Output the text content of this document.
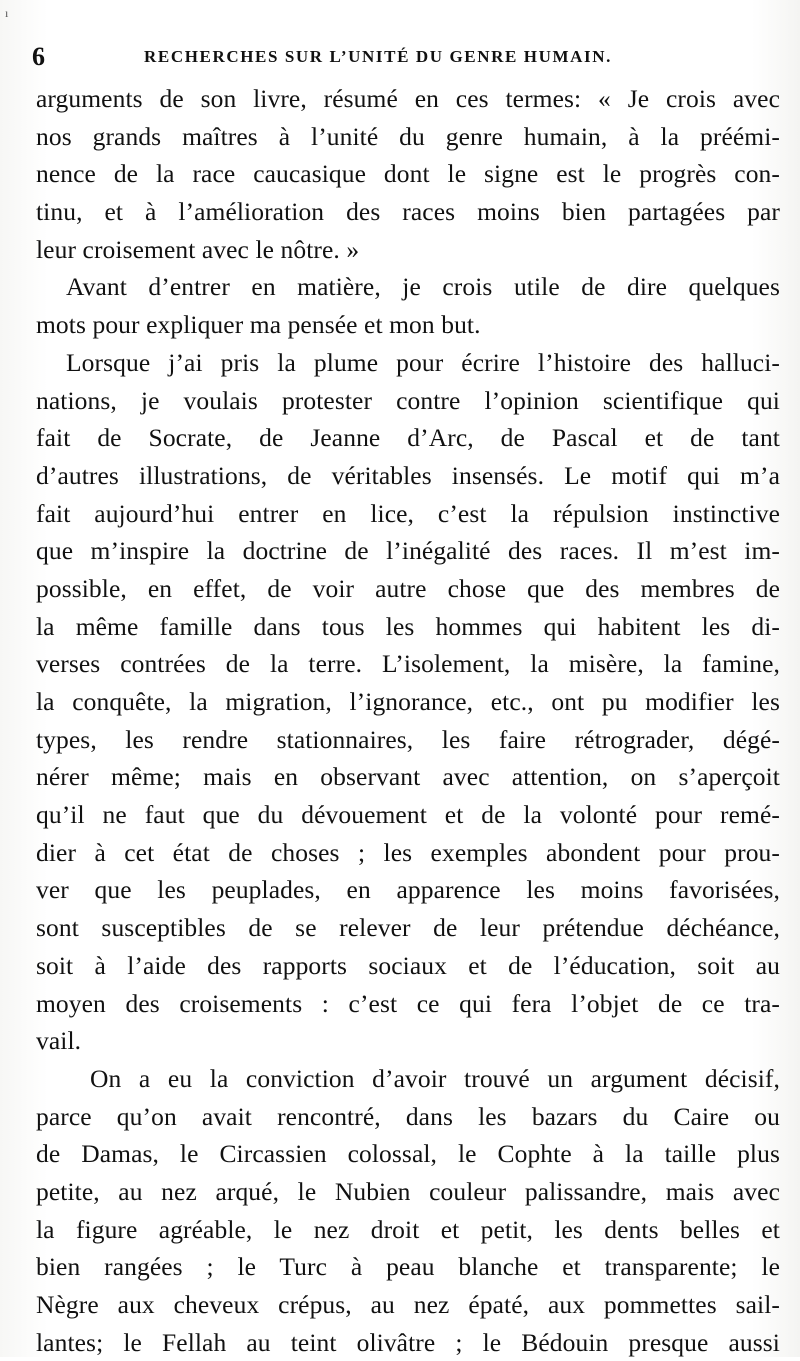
ı
6	RECHERCHES SUR L’UNITÉ DU GENRE HUMAIN.
arguments de son livre, résumé en ces termes: « Je crois avec
nos grands maîtres à l’unité du genre humain, à la préémi-
nence de la race caucasique dont le signe est le progrès con-
tinu, et à l’amélioration des races moins bien partagées par
leur croisement avec le nôtre. »
Avant d’entrer en matière, je crois utile de dire quelques
mots pour expliquer ma pensée et mon but.
Lorsque j’ai pris la plume pour écrire l’histoire des halluci-
nations, je voulais protester contre l’opinion scientifique qui
fait de Socrate, de Jeanne d’Arc, de Pascal et de tant
d’autres illustrations, de véritables insensés. Le motif qui m’a
fait aujourd’hui entrer en lice, c’est la répulsion instinctive
que m’inspire la doctrine de l’inégalité des races. Il m’est im-
possible, en effet, de voir autre chose que des membres de
la même famille dans tous les hommes qui habitent les di-
verses contrées de la terre. L’isolement, la misère, la famine,
la conquête, la migration, l’ignorance, etc., ont pu modifier les
types, les rendre stationnaires, les faire rétrograder, dégé-
nérer même; mais en observant avec attention, on s’aperçoit
qu’il ne faut que du dévouement et de la volonté pour remé-
dier à cet état de choses ; les exemples abondent pour prou-
ver que les peuplades, en apparence les moins favorisées,
sont susceptibles de se relever de leur prétendue déchéance,
soit à l’aide des rapports sociaux et de l’éducation, soit au
moyen des croisements : c’est ce qui fera l’objet de ce tra-
vail.
On a eu la conviction d’avoir trouvé un argument décisif,
parce qu’on avait rencontré, dans les bazars du Caire ou
de Damas, le Circassien colossal, le Cophte à la taille plus
petite, au nez arqué, le Nubien couleur palissandre, mais avec
la figure agréable, le nez droit et petit, les dents belles et
bien rangées ; le Turc à peau blanche et transparente; le
Nègre aux cheveux crépus, au nez épaté, aux pommettes sail-
lantes; le Fellah au teint olivâtre ; le Bédouin presque aussi
